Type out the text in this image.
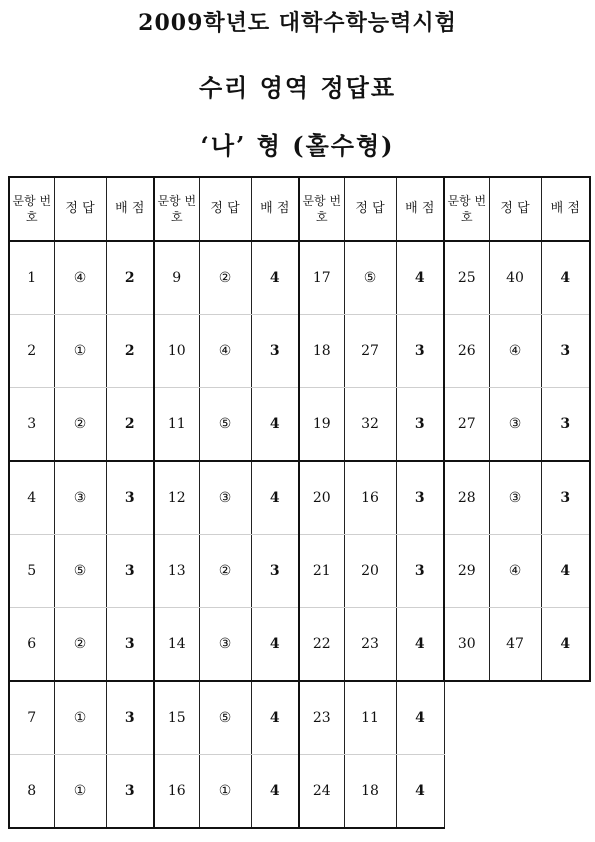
2009학년도 대학수학능력시험
수리 영역 정답표
‘나’ 형 (홀수형)
문항 번호	정 답	배 점	문항 번호	정 답	배 점	문항 번호	정 답	배 점	문항 번호	정 답	배 점
1	④	2	9	②	4	17	⑤	4	25	40	4
2	①	2	10	④	3	18	27	3	26	④	3
3	②	2	11	⑤	4	19	32	3	27	③	3
4	③	3	12	③	4	20	16	3	28	③	3
5	⑤	3	13	②	3	21	20	3	29	④	4
6	②	3	14	③	4	22	23	4	30	47	4
7	①	3	15	⑤	4	23	11	4			
8	①	3	16	①	4	24	18	4			
